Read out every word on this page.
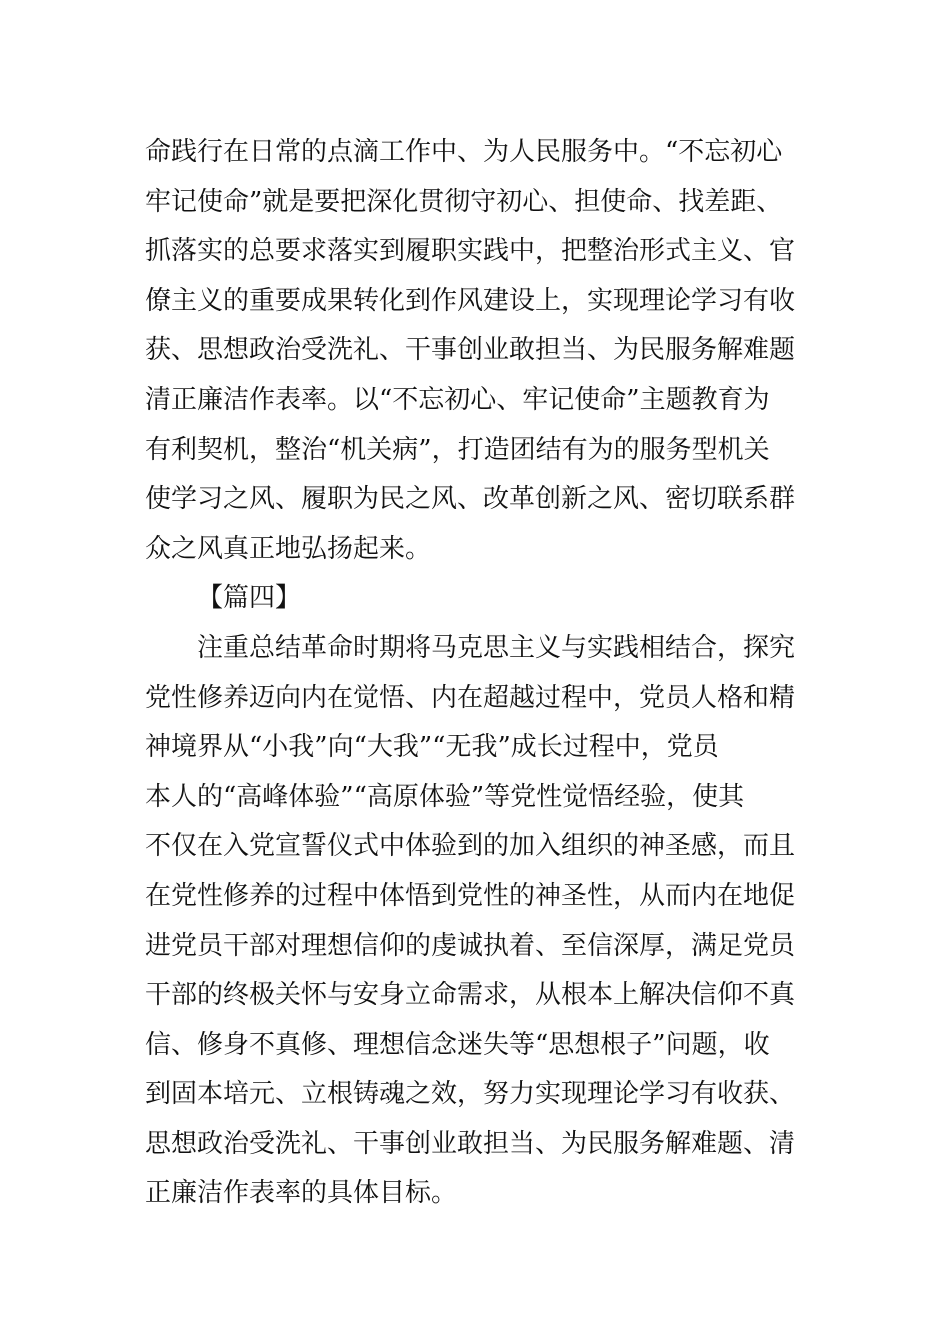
命践行在日常的点滴工作中、为人民服务中。“不忘初心
牢记使命”就是要把深化贯彻守初心、担使命、找差距、
抓落实的总要求落实到履职实践中，把整治形式主义、官
僚主义的重要成果转化到作风建设上，实现理论学习有收
获、思想政治受洗礼、干事创业敢担当、为民服务解难题
清正廉洁作表率。以“不忘初心、牢记使命”主题教育为
有利契机，整治“机关病”，打造团结有为的服务型机关
使学习之风、履职为民之风、改革创新之风、密切联系群
众之风真正地弘扬起来。
【篇四】
注重总结革命时期将马克思主义与实践相结合，探究
党性修养迈向内在觉悟、内在超越过程中，党员人格和精
神境界从“小我”向“大我”“无我”成长过程中，党员
本人的“高峰体验”“高原体验”等党性觉悟经验，使其
不仅在入党宣誓仪式中体验到的加入组织的神圣感，而且
在党性修养的过程中体悟到党性的神圣性，从而内在地促
进党员干部对理想信仰的虔诚执着、至信深厚，满足党员
干部的终极关怀与安身立命需求，从根本上解决信仰不真
信、修身不真修、理想信念迷失等“思想根子”问题，收
到固本培元、立根铸魂之效，努力实现理论学习有收获、
思想政治受洗礼、干事创业敢担当、为民服务解难题、清
正廉洁作表率的具体目标。
